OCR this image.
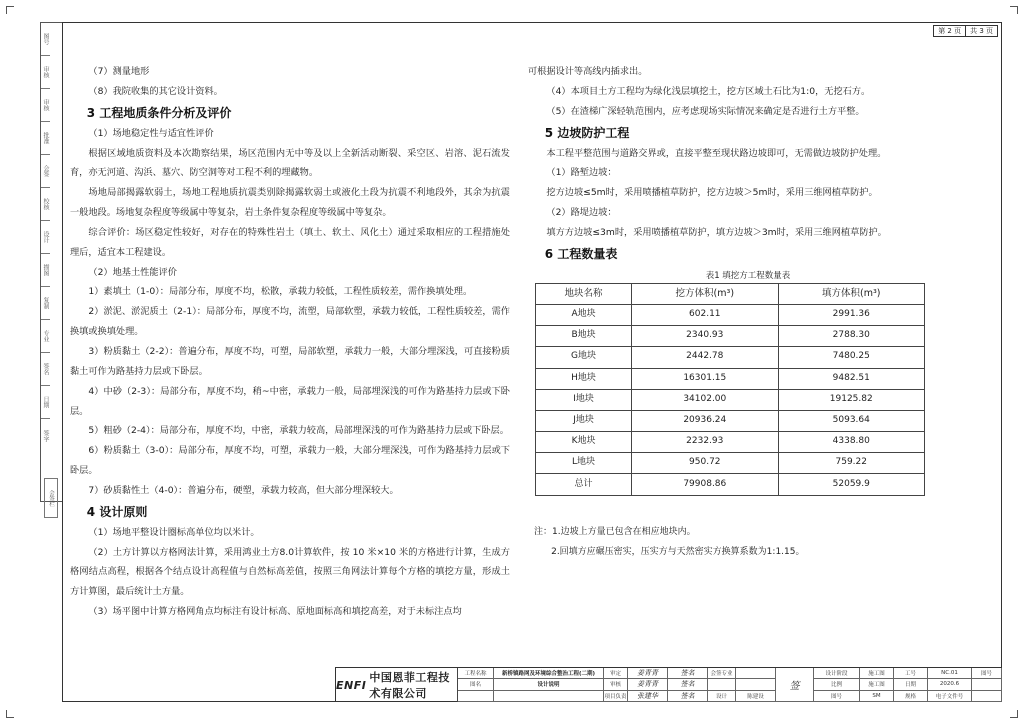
图号
审核
审核
批准
会签
校核
设计
描图
复制
专业
签名
日期
签字
会签栏
第 2 页	共 3 页
（7）测量地形
（8）我院收集的其它设计资料。
3 工程地质条件分析及评价
（1）场地稳定性与适宜性评价
根据区域地质资料及本次勘察结果，场区范围内无中等及以上全新活动断裂、采空区、岩溶、泥石流发育，亦无河道、沟浜、墓穴、防空洞等对工程不利的埋藏物。
场地局部揭露软弱土，场地工程地质抗震类别除揭露软弱土或液化土段为抗震不利地段外，其余为抗震一般地段。场地复杂程度等级属中等复杂，岩土条件复杂程度等级属中等复杂。
综合评价：场区稳定性较好，对存在的特殊性岩土（填土、软土、风化土）通过采取相应的工程措施处理后，适宜本工程建设。
（2）地基土性能评价
1）素填土（1-0）：局部分布，厚度不均，松散，承载力较低，工程性质较差，需作换填处理。
2）淤泥、淤泥质土（2-1）：局部分布，厚度不均，流塑，局部软塑，承载力较低，工程性质较差，需作换填或换填处理。
3）粉质黏土（2-2）：普遍分布，厚度不均，可塑，局部软塑，承载力一般，大部分埋深浅，可直接粉质黏土可作为路基持力层或下卧层。
4）中砂（2-3）：局部分布，厚度不均，稍~中密，承载力一般，局部埋深浅的可作为路基持力层或下卧层。
5）粗砂（2-4）：局部分布，厚度不均，中密，承载力较高，局部埋深浅的可作为路基持力层或下卧层。
6）粉质黏土（3-0）：局部分布，厚度不均，可塑，承载力一般，大部分埋深浅，可作为路基持力层或下卧层。
7）砂质黏性土（4-0）：普遍分布，硬塑，承载力较高，但大部分埋深较大。
4 设计原则
（1）场地平整设计圈标高单位均以米计。
（2）土方计算以方格网法计算，采用鸿业土方8.0计算软件，按 10 米×10 米的方格进行计算，生成方格网结点高程，根据各个结点设计高程值与自然标高差值，按照三角网法计算每个方格的填挖方量，形成土方计算图，最后统计土方量。
（3）场平图中计算方格网角点均标注有设计标高、原地面标高和填挖高差，对于未标注点均
可根据设计等高线内插求出。
（4）本项目土方工程均为绿化浅层填挖土，挖方区域土石比为1:0，无挖石方。
（5）在渣梯广深轻轨范围内，应考虑现场实际情况来确定是否进行土方平整。
5 边坡防护工程
本工程平整范围与道路交界或，直接平整至现状路边坡即可，无需做边坡防护处理。
（1）路堑边坡：
挖方边坡≤5m时，采用喷播植草防护，挖方边坡＞5m时，采用三维网植草防护。
（2）路堤边坡：
填方方边坡≤3m时，采用喷播植草防护，填方边坡＞3m时，采用三维网植草防护。
6 工程数量表
表1 填挖方工程数量表
地块名称	挖方体积(m³)	填方体积(m³)
A地块	602.11	2991.36
B地块	2340.93	2788.30
G地块	2442.78	7480.25
H地块	16301.15	9482.51
I地块	34102.00	19125.82
J地块	20936.24	5093.64
K地块	2232.93	4338.80
L地块	950.72	759.22
总计	79908.86	52059.9
注：1.边坡上方量已包含在相应地块内。
2.回填方应碾压密实，压实方与天然密实方换算系数为1:1.15。
ENFI
中国恩菲工程技术有限公司
工程名称	新桥镇路网及环境综合整治工程(二期)	审定	姜青青	签名	会签专业
签
设计阶段	施工图	工号	NC.01	图号
图名	设计说明	审核	姜青青	签名	比例	施工图	日期	2020.6
项目负责	张建华	签名	设计	陈建设	图号	SM	规格	电子文件号
